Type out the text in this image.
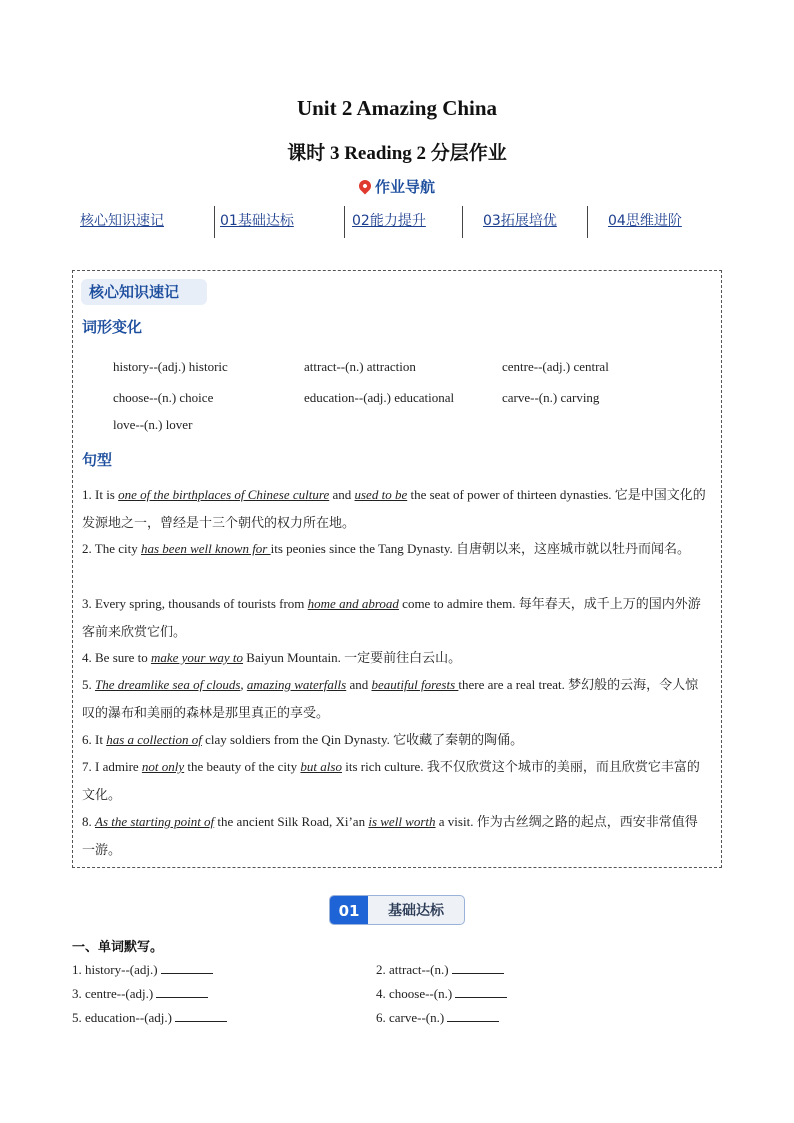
Unit 2 Amazing China
课时 3 Reading 2 分层作业
作业导航
核心知识速记	01基础达标	02能力提升	03拓展培优	04思维进阶
核心知识速记
词形变化
history--(adj.) historic	attract--(n.) attraction	centre--(adj.) central
choose--(n.) choice	education--(adj.) educational	carve--(n.) carving
love--(n.) lover
句型
1. It is one of the birthplaces of Chinese culture and used to be the seat of power of thirteen dynasties. 它是中国文化的发源地之一，曾经是十三个朝代的权力所在地。
2. The city has been well known for its peonies since the Tang Dynasty. 自唐朝以来，这座城市就以牡丹而闻名。
3. Every spring, thousands of tourists from home and abroad come to admire them. 每年春天，成千上万的国内外游客前来欣赏它们。
4. Be sure to make your way to Baiyun Mountain. 一定要前往白云山。
5. The dreamlike sea of clouds, amazing waterfalls and beautiful forests there are a real treat. 梦幻般的云海，令人惊叹的瀑布和美丽的森林是那里真正的享受。
6. It has a collection of clay soldiers from the Qin Dynasty. 它收藏了秦朝的陶俑。
7. I admire not only the beauty of the city but also its rich culture. 我不仅欣赏这个城市的美丽，而且欣赏它丰富的文化。
8. As the starting point of the ancient Silk Road, Xi’an is well worth a visit. 作为古丝绸之路的起点，西安非常值得一游。
01	基础达标
一、单词默写。
1. history--(adj.)	2. attract--(n.)
3. centre--(adj.)	4. choose--(n.)
5. education--(adj.)	6. carve--(n.)
